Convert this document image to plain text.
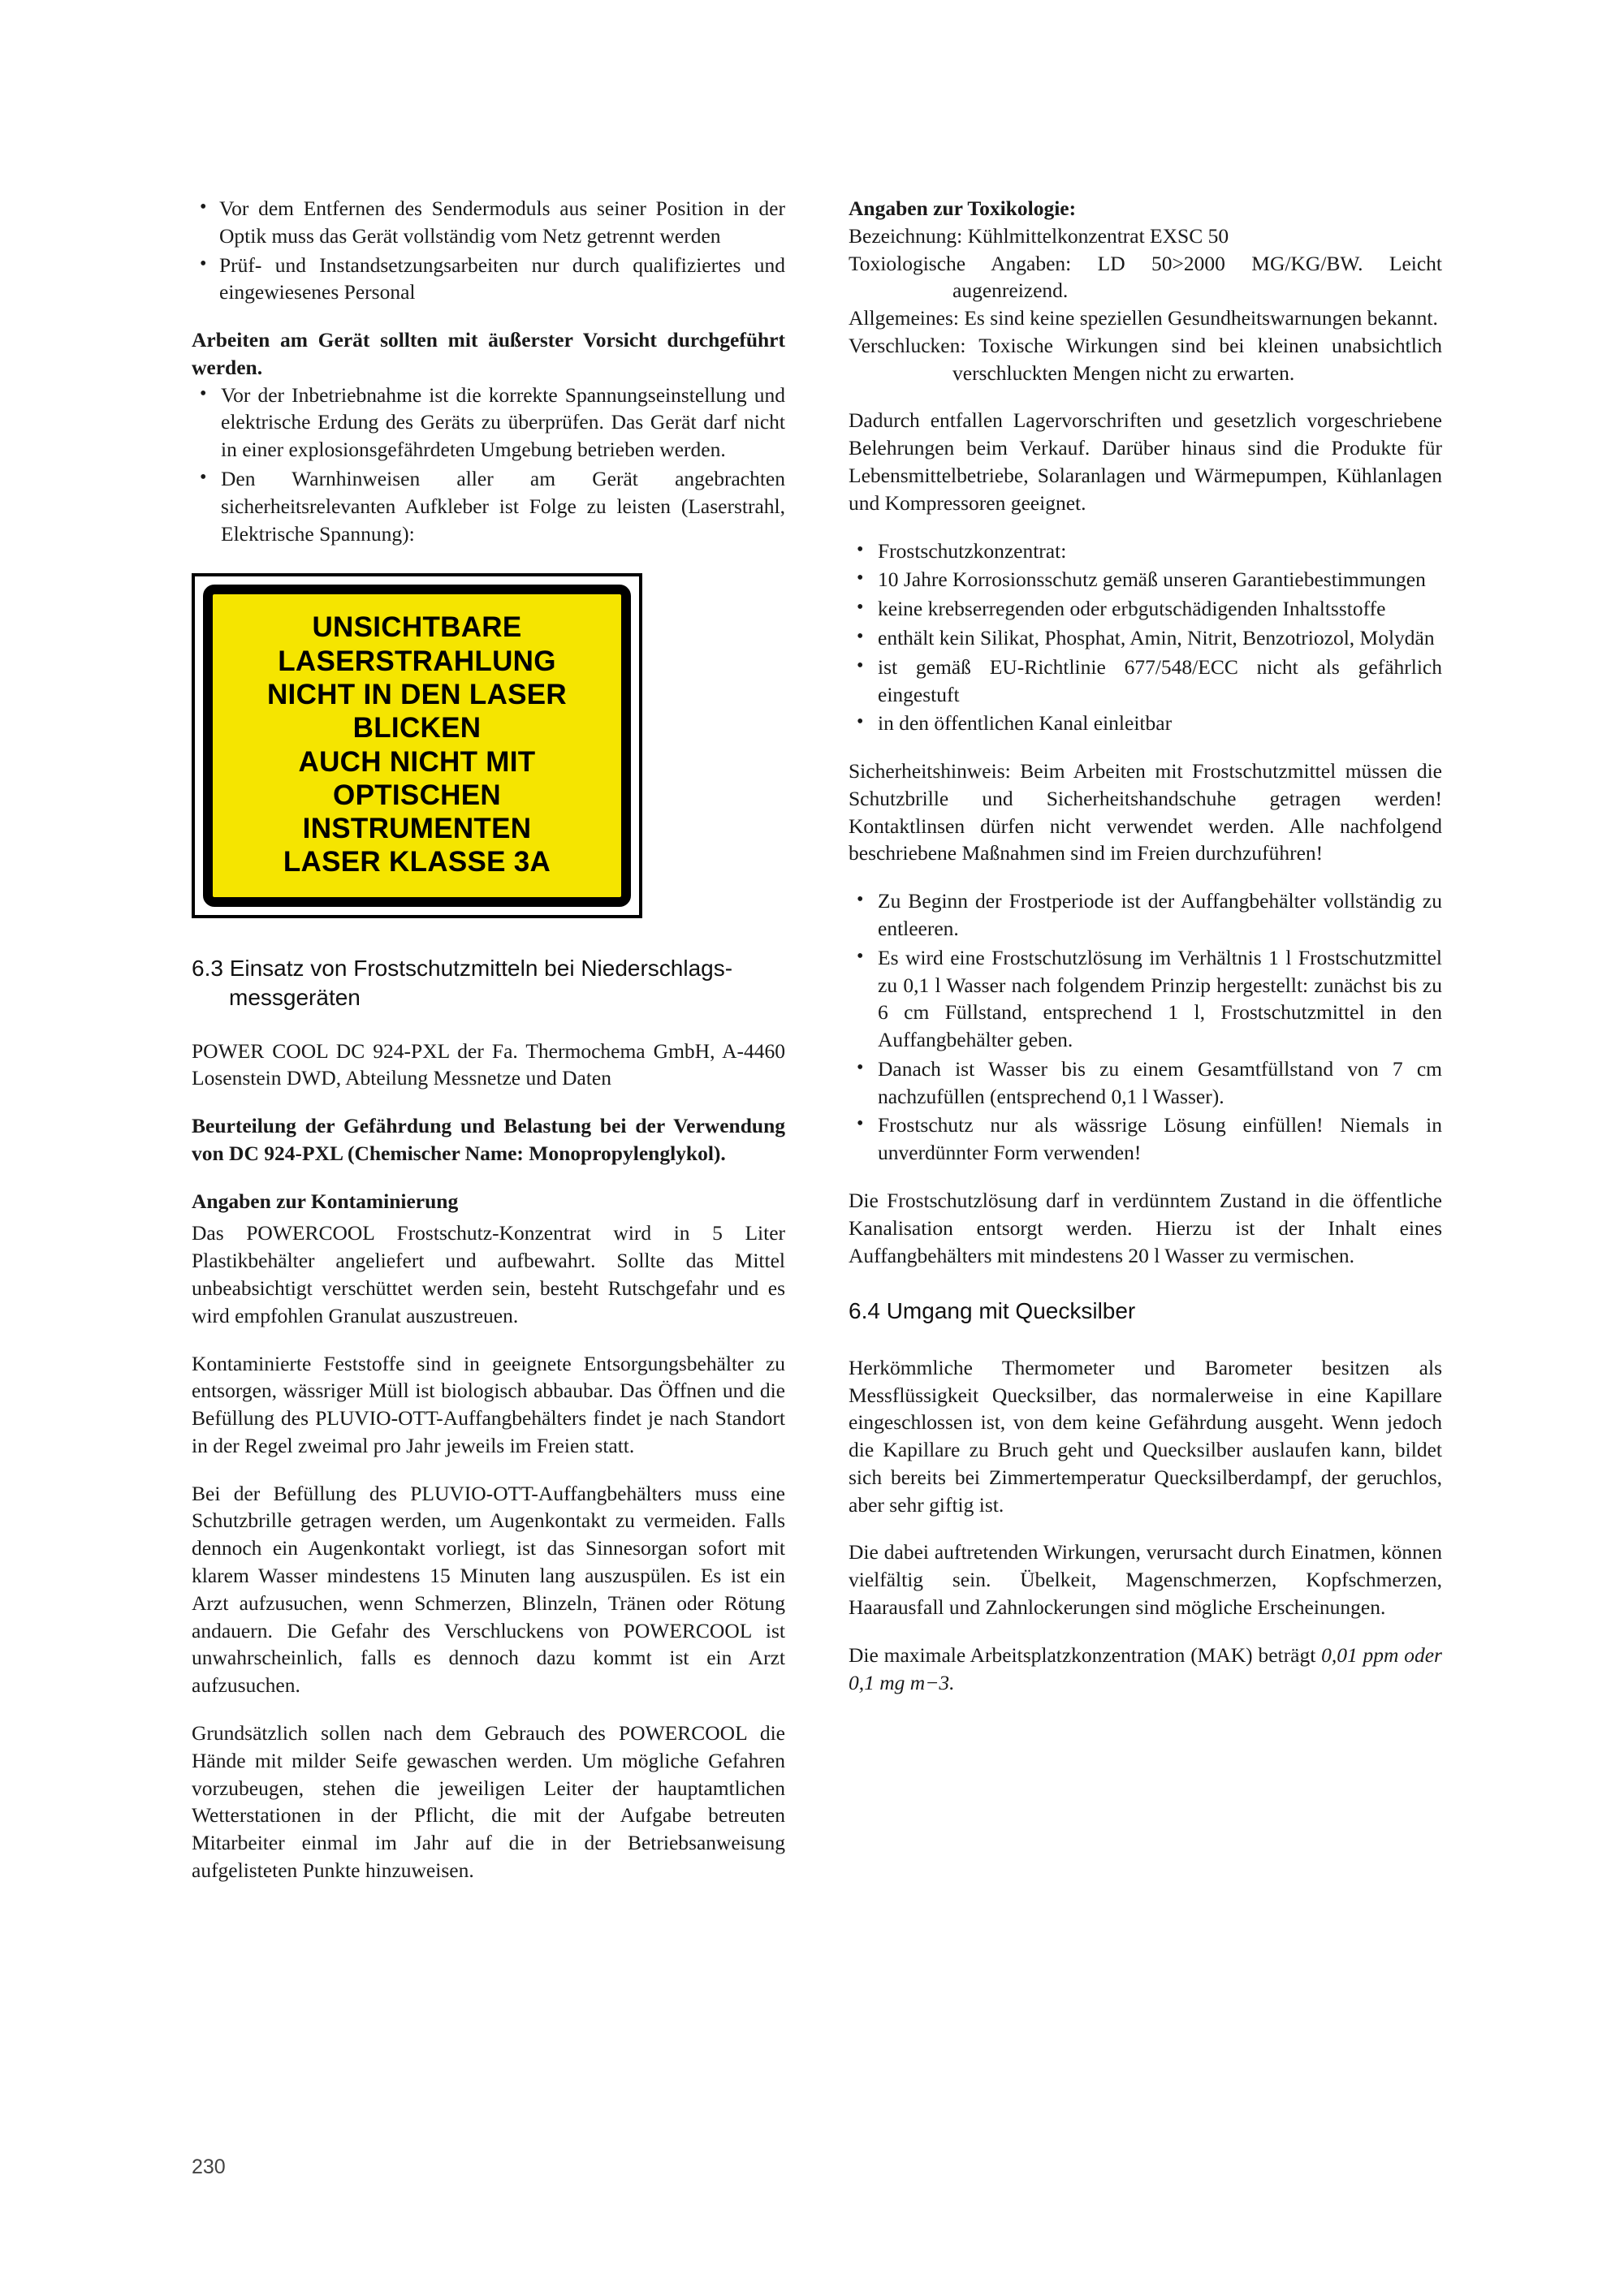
• Vor dem Entfernen des Sendermoduls aus seiner Position in der Optik muss das Gerät vollständig vom Netz getrennt werden
• Prüf- und Instandsetzungsarbeiten nur durch qualifiziertes und eingewiesenes Personal
Arbeiten am Gerät sollten mit äußerster Vorsicht durchgeführt werden.
• Vor der Inbetriebnahme ist die korrekte Spannungseinstellung und elektrische Erdung des Geräts zu überprüfen. Das Gerät darf nicht in einer explosionsgefährdeten Umgebung betrieben werden.
• Den Warnhinweisen aller am Gerät angebrachten sicherheitsrelevanten Aufkleber ist Folge zu leisten (Laserstrahl, Elektrische Spannung):
UNSICHTBARE LASERSTRAHLUNG
NICHT IN DEN LASER BLICKEN
AUCH NICHT MIT
OPTISCHEN INSTRUMENTEN
LASER KLASSE 3A
6.3 Einsatz von Frostschutzmitteln bei Niederschlags-
messgeräten

POWER COOL DC 924-PXL der Fa. Thermochema GmbH, A-4460 Losenstein DWD, Abteilung Messnetze und Daten

Beurteilung der Gefährdung und Belastung bei der Verwendung von DC 924-PXL (Chemischer Name: Monopropylenglykol).

Angaben zur Kontaminierung

Das POWERCOOL Frostschutz-Konzentrat wird in 5 Liter Plastikbehälter angeliefert und aufbewahrt. Sollte das Mittel unbeabsichtigt verschüttet werden sein, besteht Rutschgefahr und es wird empfohlen Granulat auszustreuen.

Kontaminierte Feststoffe sind in geeignete Entsorgungsbehälter zu entsorgen, wässriger Müll ist biologisch abbaubar. Das Öffnen und die Befüllung des PLUVIO-OTT-Auffangbehälters findet je nach Standort in der Regel zweimal pro Jahr jeweils im Freien statt.

Bei der Befüllung des PLUVIO-OTT-Auffangbehälters muss eine Schutzbrille getragen werden, um Augenkontakt zu vermeiden. Falls dennoch ein Augenkontakt vorliegt, ist das Sinnesorgan sofort mit klarem Wasser mindestens 15 Minuten lang auszuspülen. Es ist ein Arzt aufzusuchen, wenn Schmerzen, Blinzeln, Tränen oder Rötung andauern. Die Gefahr des Verschluckens von POWERCOOL ist unwahrscheinlich, falls es dennoch dazu kommt ist ein Arzt aufzusuchen.

Grundsätzlich sollen nach dem Gebrauch des POWERCOOL die Hände mit milder Seife gewaschen werden. Um mögliche Gefahren vorzubeugen, stehen die jeweiligen Leiter der hauptamtlichen Wetterstationen in der Pflicht, die mit der Aufgabe betreuten Mitarbeiter einmal im Jahr auf die in der Betriebsanweisung aufgelisteten Punkte hinzuweisen.

Angaben zur Toxikologie:
Bezeichnung: Kühlmittelkonzentrat EXSC 50
Toxiologische Angaben: LD 50>2000 MG/KG/BW. Leicht augenreizend.
Allgemeines: Es sind keine speziellen Gesundheitswarnungen bekannt.
Verschlucken: Toxische Wirkungen sind bei kleinen unabsichtlich verschluckten Mengen nicht zu erwarten.

Dadurch entfallen Lagervorschriften und gesetzlich vorgeschriebene Belehrungen beim Verkauf. Darüber hinaus sind die Produkte für Lebensmittelbetriebe, Solaranlagen und Wärmepumpen, Kühlanlagen und Kompressoren geeignet.

• Frostschutzkonzentrat:
• 10 Jahre Korrosionsschutz gemäß unseren Garantiebestimmungen
• keine krebserregenden oder erbgutschädigenden Inhaltsstoffe
• enthält kein Silikat, Phosphat, Amin, Nitrit, Benzotriozol, Molydän
• ist gemäß EU-Richtlinie 677/548/ECC nicht als gefährlich eingestuft
• in den öffentlichen Kanal einleitbar

Sicherheitshinweis: Beim Arbeiten mit Frostschutzmittel müssen die Schutzbrille und Sicherheitshandschuhe getragen werden! Kontaktlinsen dürfen nicht verwendet werden. Alle nachfolgend beschriebene Maßnahmen sind im Freien durchzuführen!

• Zu Beginn der Frostperiode ist der Auffangbehälter vollständig zu entleeren.
• Es wird eine Frostschutzlösung im Verhältnis 1 l Frostschutzmittel zu 0,1 l Wasser nach folgendem Prinzip hergestellt: zunächst bis zu 6 cm Füllstand, entsprechend 1 l, Frostschutzmittel in den Auffangbehälter geben.
• Danach ist Wasser bis zu einem Gesamtfüllstand von 7 cm nachzufüllen (entsprechend 0,1 l Wasser).
• Frostschutz nur als wässrige Lösung einfüllen! Niemals in unverdünnter Form verwenden!

Die Frostschutzlösung darf in verdünntem Zustand in die öffentliche Kanalisation entsorgt werden. Hierzu ist der Inhalt eines Auffangbehälters mit mindestens 20 l Wasser zu vermischen.

6.4 Umgang mit Quecksilber

Herkömmliche Thermometer und Barometer besitzen als Messflüssigkeit Quecksilber, das normalerweise in eine Kapillare eingeschlossen ist, von dem keine Gefährdung ausgeht. Wenn jedoch die Kapillare zu Bruch geht und Quecksilber auslaufen kann, bildet sich bereits bei Zimmertemperatur Quecksilberdampf, der geruchlos, aber sehr giftig ist.

Die dabei auftretenden Wirkungen, verursacht durch Einatmen, können vielfältig sein. Übelkeit, Magenschmerzen, Kopfschmerzen, Haarausfall und Zahnlockerungen sind mögliche Erscheinungen.

Die maximale Arbeitsplatzkonzentration (MAK) beträgt 0,01 ppm oder 0,1 mg m−3.

230
